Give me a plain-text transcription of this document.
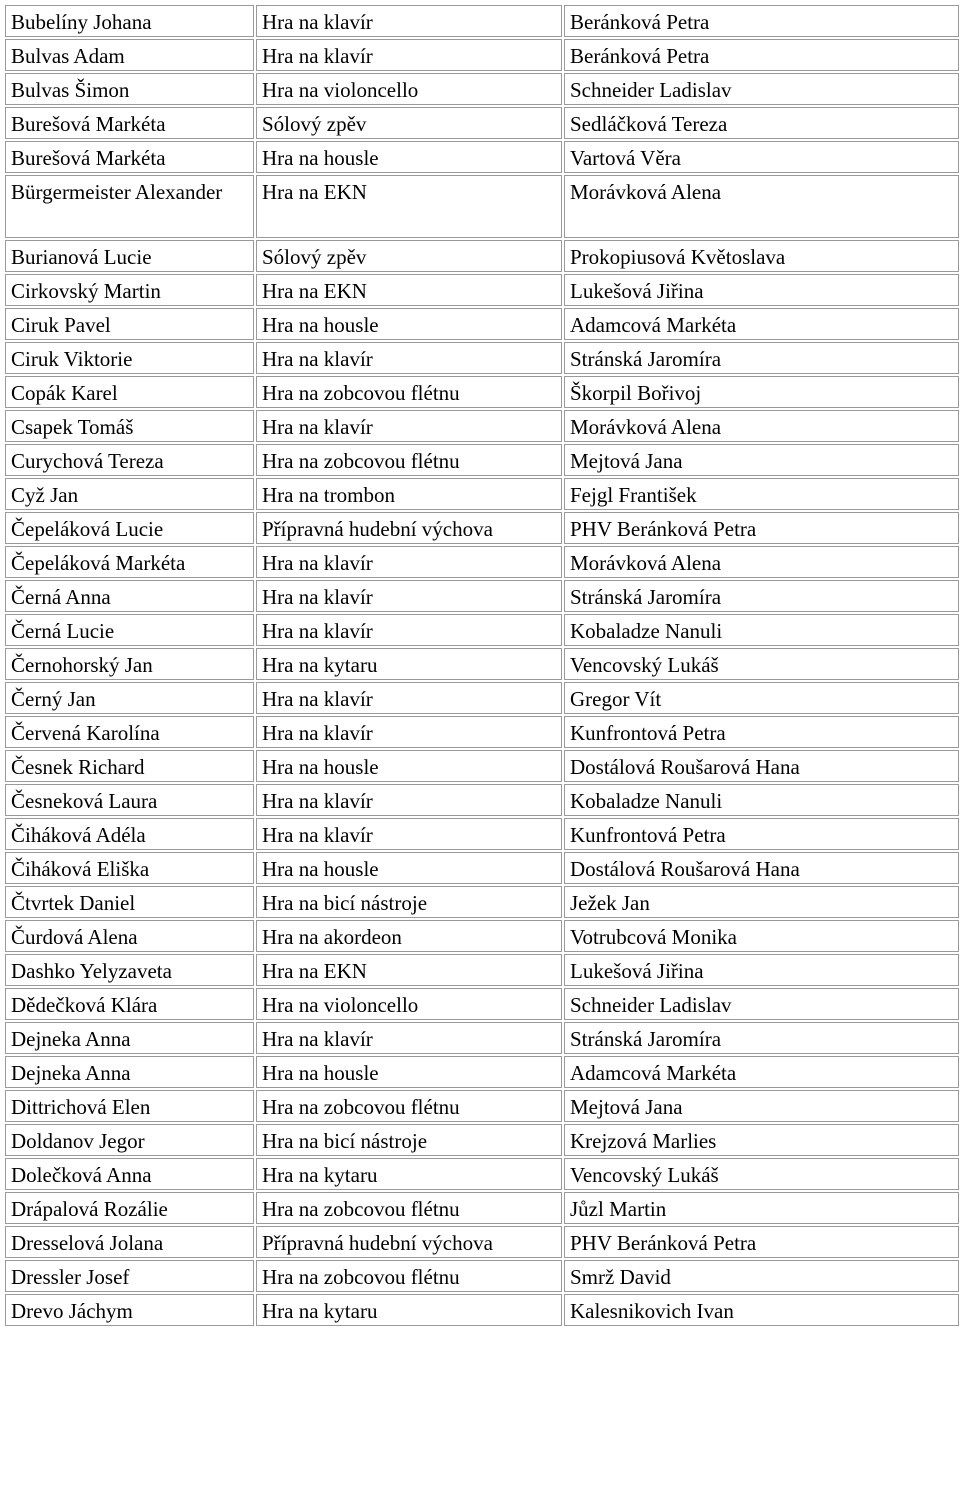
Bubelíny Johana	Hra na klavír	Beránková Petra
Bulvas Adam	Hra na klavír	Beránková Petra
Bulvas Šimon	Hra na violoncello	Schneider Ladislav
Burešová Markéta	Sólový zpěv	Sedláčková Tereza
Burešová Markéta	Hra na housle	Vartová Věra
Bürgermeister Alexander	Hra na EKN	Morávková Alena
Burianová Lucie	Sólový zpěv	Prokopiusová Květoslava
Cirkovský Martin	Hra na EKN	Lukešová Jiřina
Ciruk Pavel	Hra na housle	Adamcová Markéta
Ciruk Viktorie	Hra na klavír	Stránská Jaromíra
Copák Karel	Hra na zobcovou flétnu	Škorpil Bořivoj
Csapek Tomáš	Hra na klavír	Morávková Alena
Curychová Tereza	Hra na zobcovou flétnu	Mejtová Jana
Cyž Jan	Hra na trombon	Fejgl František
Čepeláková Lucie	Přípravná hudební výchova	PHV Beránková Petra
Čepeláková Markéta	Hra na klavír	Morávková Alena
Černá Anna	Hra na klavír	Stránská Jaromíra
Černá Lucie	Hra na klavír	Kobaladze Nanuli
Černohorský Jan	Hra na kytaru	Vencovský Lukáš
Černý Jan	Hra na klavír	Gregor Vít
Červená Karolína	Hra na klavír	Kunfrontová Petra
Česnek Richard	Hra na housle	Dostálová Roušarová Hana
Česneková Laura	Hra na klavír	Kobaladze Nanuli
Čiháková Adéla	Hra na klavír	Kunfrontová Petra
Čiháková Eliška	Hra na housle	Dostálová Roušarová Hana
Čtvrtek Daniel	Hra na bicí nástroje	Ježek Jan
Čurdová Alena	Hra na akordeon	Votrubcová Monika
Dashko Yelyzaveta	Hra na EKN	Lukešová Jiřina
Dědečková Klára	Hra na violoncello	Schneider Ladislav
Dejneka Anna	Hra na klavír	Stránská Jaromíra
Dejneka Anna	Hra na housle	Adamcová Markéta
Dittrichová Elen	Hra na zobcovou flétnu	Mejtová Jana
Doldanov Jegor	Hra na bicí nástroje	Krejzová Marlies
Dolečková Anna	Hra na kytaru	Vencovský Lukáš
Drápalová Rozálie	Hra na zobcovou flétnu	Jůzl Martin
Dresselová Jolana	Přípravná hudební výchova	PHV Beránková Petra
Dressler Josef	Hra na zobcovou flétnu	Smrž David
Drevo Jáchym	Hra na kytaru	Kalesnikovich Ivan
